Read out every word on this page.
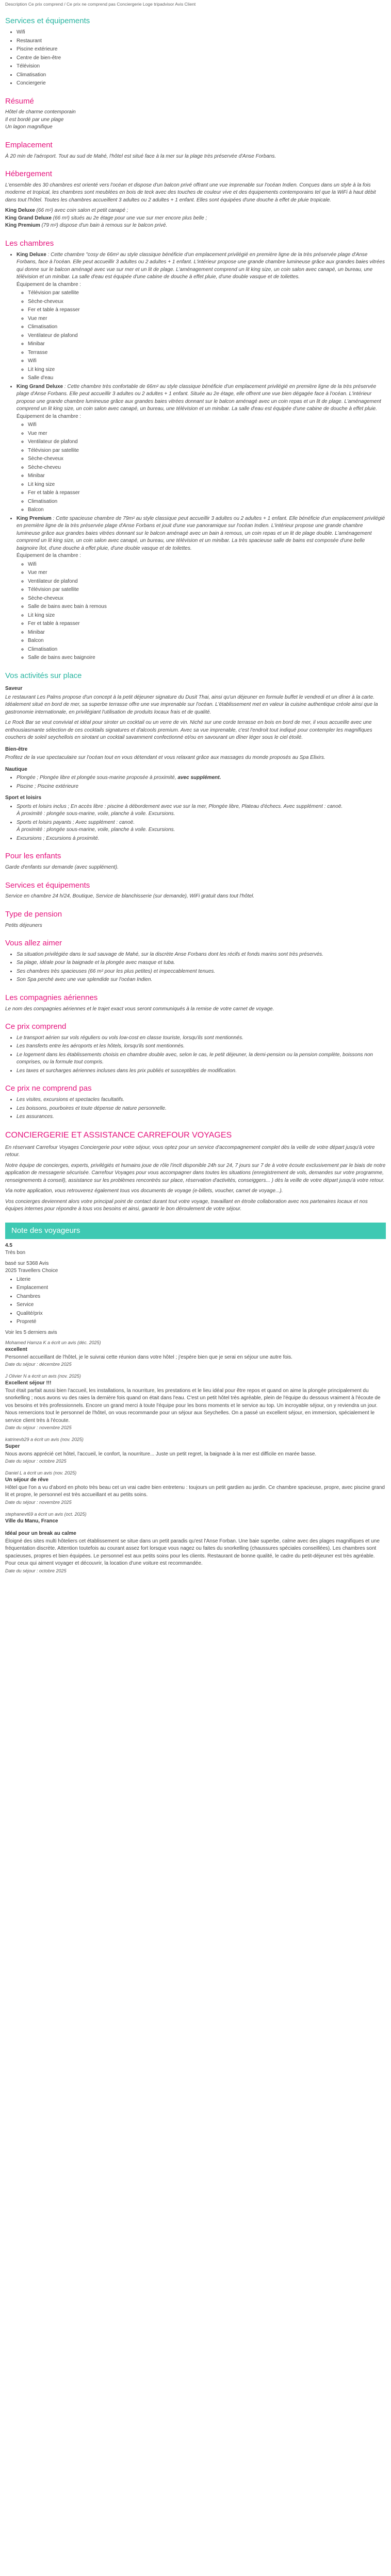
Description Ce prix comprend / Ce prix ne comprend pas Conciergerie Loge tripadvisor Avis Client
Services et équipements
• Wifi
• Restaurant
• Piscine extérieure
• Centre de bien-être
• Télévision
• Climatisation
• Conciergerie
Résumé
Hôtel de charme contemporain
Il est bordé par une plage
Un lagon magnifique
Emplacement

À 20 min de l'aéroport. Tout au sud de Mahé, l'hôtel est situé face à la mer sur la plage très préservée d'Anse Forbans.

Hébergement

L'ensemble des 30 chambres est orienté vers l'océan et dispose d'un balcon privé offrant une vue imprenable sur l'océan Indien. Conçues dans un style à la fois moderne et tropical, les chambres sont meublées en bois de teck avec des touches de couleur vive et des équipements contemporains tel que la WiFi à haut débit dans tout l'hôtel. Toutes les chambres accueillent 3 adultes ou 2 adultes + 1 enfant. Elles sont équipées d'une douche à effet de pluie tropicale.

King Deluxe (66 m²) avec coin salon et petit canapé ;
King Grand Deluxe (66 m²) situés au 2e étage pour une vue sur mer encore plus belle ;
King Premium (79 m²) dispose d'un bain à remous sur le balcon privé.
Les chambres
• King Deluxe : Cette chambre "cosy de 66m² au style classique bénéficie d'un emplacement privilégié en première ligne de la très préservée plage d'Anse Forbans, face à l'océan. Elle peut accueillir 3 adultes ou 2 adultes + 1 enfant. L'intérieur propose une grande chambre lumineuse grâce aux grandes baies vitrées qui donne sur le balcon aménagé avec vue sur mer et un lit de plage. L'aménagement comprend un lit king size, un coin salon avec canapé, un bureau, une télévision et un minibar. La salle d'eau est équipée d'une cabine de douche à effet pluie, d'une double vasque et de toilettes.
Équipement de la chambre :
◦ Télévision par satellite
◦ Sèche-cheveux
◦ Fer et table à repasser
◦ Vue mer
◦ Climatisation
◦ Ventilateur de plafond
◦ Minibar
◦ Terrasse
◦ Wifi
◦ Lit king size
◦ Salle d'eau
• King Grand Deluxe : Cette chambre très confortable de 66m² au style classique bénéficie d'un emplacement privilégié en première ligne de la très préservée plage d'Anse Forbans. Elle peut accueillir 3 adultes ou 2 adultes + 1 enfant. Située au 2e étage, elle offrent une vue bien dégagée face à l'océan. L'intérieur propose une grande chambre lumineuse grâce aux grandes baies vitrées donnant sur le balcon aménagé avec un coin repas et un lit de plage. L'aménagement comprend un lit king size, un coin salon avec canapé, un bureau, une télévision et un minibar. La salle d'eau est équipée d'une cabine de douche à effet pluie.
Équipement de la chambre :
◦ Wifi
◦ Vue mer
◦ Ventilateur de plafond
◦ Télévision par satellite
◦ Sèche-cheveux
◦ Sèche-cheveu
◦ Minibar
◦ Lit king size
◦ Fer et table à repasser
◦ Climatisation
◦ Balcon
• King Premium : Cette spacieuse chambre de 79m² au style classique peut accueillir 3 adultes ou 2 adultes + 1 enfant. Elle bénéficie d'un emplacement privilégié en première ligne de la très préservée plage d'Anse Forbans et jouit d'une vue panoramique sur l'océan Indien. L'intérieur propose une grande chambre lumineuse grâce aux grandes baies vitrées donnant sur le balcon aménagé avec un bain à remous, un coin repas et un lit de plage double. L'aménagement comprend un lit king size, un coin salon avec canapé, un bureau, une télévision et un minibar. La très spacieuse salle de bains est composée d'une belle baignoire îlot, d'une douche à effet pluie, d'une double vasque et de toilettes.
Équipement de la chambre :
◦ Wifi
◦ Vue mer
◦ Ventilateur de plafond
◦ Télévision par satellite
◦ Sèche-cheveux
◦ Salle de bains avec bain à remous
◦ Lit king size
◦ Fer et table à repasser
◦ Minibar
◦ Balcon
◦ Climatisation
◦ Salle de bains avec baignoire
Vos activités sur place
Saveur

Le restaurant Les Palms propose d'un concept à la petit déjeuner signature du Dusit Thai, ainsi qu'un déjeuner en formule buffet le vendredi et un dîner à la carte. Idéalement situé en bord de mer, sa superbe terrasse offre une vue imprenable sur l'océan. L'établissement met en valeur la cuisine authentique créole ainsi que la gastronomie internationale, en privilégiant l'utilisation de produits locaux frais et de qualité.

Le Rock Bar se veut convivial et idéal pour siroter un cocktail ou un verre de vin. Niché sur une corde terrasse en bois en bord de mer, il vous accueille avec une enthousiasmante sélection de ces cocktails signatures et d'alcools premium. Avec sa vue imprenable, c'est l'endroit tout indiqué pour contempler les magnifiques couchers de soleil seychellois en sirotant un cocktail savamment confectionné et/ou en savourant un dîner léger sous le ciel étoilé.

Bien-être

Profitez de la vue spectaculaire sur l'océan tout en vous détendant et vous relaxant grâce aux massages du monde proposés au Spa Elixirs.

Nautique
• Plongée ; Plongée libre et plongée sous-marine proposée à proximité, avec supplément.
• Piscine ; Piscine extérieure
Sport et loisirs
• Sports et loisirs inclus ; En accès libre : piscine à débordement avec vue sur la mer, Plongée libre, Plateau d'échecs. Avec supplément : canoë.
À proximité : plongée sous-marine, voile, planche à voile. Excursions.
• Sports et loisirs payants ; Avec supplément : canoë.
À proximité : plongée sous-marine, voile, planche à voile. Excursions.
• Excursions ; Excursions à proximité.
Pour les enfants

Garde d'enfants sur demande (avec supplément).

Services et équipements

Service en chambre 24 h/24, Boutique, Service de blanchisserie (sur demande), WiFi gratuit dans tout l'hôtel.

Type de pension

Petits déjeuners

Vous allez aimer
• Sa situation privilégiée dans le sud sauvage de Mahé, sur la discrète Anse Forbans dont les récifs et fonds marins sont très préservés.
• Sa plage, idéale pour la baignade et la plongée avec masque et tuba.
• Ses chambres très spacieuses (66 m² pour les plus petites) et impeccablement tenues.
• Son Spa perché avec une vue splendide sur l'océan Indien.
Les compagnies aériennes

Le nom des compagnies aériennes et le trajet exact vous seront communiqués à la remise de votre carnet de voyage.

Ce prix comprend
• Le transport aérien sur vols réguliers ou vols low-cost en classe touriste, lorsqu'ils sont mentionnés.
• Les transferts entre les aéroports et les hôtels, lorsqu'ils sont mentionnés.
• Le logement dans les établissements choisis en chambre double avec, selon le cas, le petit déjeuner, la demi-pension ou la pension complète, boissons non comprises, ou la formule tout compris.
• Les taxes et surcharges aériennes incluses dans les prix publiés et susceptibles de modification.
Ce prix ne comprend pas
• Les visites, excursions et spectacles facultatifs.
• Les boissons, pourboires et toute dépense de nature personnelle.
• Les assurances.
CONCIERGERIE ET ASSISTANCE CARREFOUR VOYAGES

En réservant Carrefour Voyages Conciergerie pour votre séjour, vous optez pour un service d'accompagnement complet dès la veille de votre départ jusqu'à votre retour.

Notre équipe de concierges, experts, privilégiés et humains joue de rôle l'inclt disponible 24h sur 24, 7 jours sur 7 de à votre écoute exclusivement par le biais de notre application de messagerie sécurisée. Carrefour Voyages pour vous accompagner dans toutes les situations (enregistrement de vols, demandes sur votre programme, renseignements à conseil), assistance sur les problèmes rencontrés sur place, réservation d'activités, conseiggers... ) dès la veille de votre départ jusqu'à votre retour.

Via notre application, vous retrouverez également tous vos documents de voyage (e-billets, voucher, carnet de voyage...).

Vos concierges deviennent alors votre principal point de contact durant tout votre voyage, travaillant en étroite collaboration avec nos partenaires locaux et nos équipes internes pour répondre à tous vos besoins et ainsi, garantir le bon déroulement de votre séjour.

Note des voyageurs
4.5
Très bon
basé sur 5368 Avis
2025 Travellers Choice
• Literie
• Emplacement
• Chambres
• Service
• Qualité/prix
• Propreté

Voir les 5 derniers avis

Mohamed Hamza K a écrit un avis (déc. 2025)
excellent
Personnel accueillant de l'hôtel, je le suivrai cette réunion dans votre hôtel ; j'espère bien que je serai en séjour une autre fois.
Date du séjour : décembre 2025
J Olivier N a écrit un avis (nov. 2025)
Excellent séjour !!!
Tout était parfait aussi bien l'accueil, les installations, la nourriture, les prestations et le lieu idéal pour être repos et quand on aime la plongée principalement du snorkelling ; nous avons vu des raies la dernière fois quand on était dans l'eau. C'est un petit hôtel très agréable, plein de l'équipe du dessous vraiment à l'écoute de vos besoins et très professionnels. Encore un grand merci à toute l'équipe pour les bons moments et le service au top. Un incroyable séjour, on y reviendra un jour. Nous remercions tout le personnel de l'hôtel, on vous recommande pour un séjour aux Seychelles. On a passé un excellent séjour, en immersion, spécialement le service client très à l'écoute.
Date du séjour : novembre 2025
katrinevb29 a écrit un avis (nov. 2025)
Super
Nous avons apprécié cet hôtel, l'accueil, le confort, la nourriture... Juste un petit regret, la baignade à la mer est difficile en marée basse.
Date du séjour : octobre 2025
Daniel L a écrit un avis (nov. 2025)
Un séjour de rêve
Hôtel que l'on a vu d'abord en photo très beau cet un vrai cadre bien entretenu : toujours un petit gardien au jardin. Ce chambre spacieuse, propre, avec piscine grand lit et propre, le personnel est très accueillant et au petits soins.
Date du séjour : novembre 2025
stephanevt69 a écrit un avis (oct. 2025)
Ville du Manu, France
Idéal pour un break au calme
Éloigné des sites multi hôteliers cet établissement se situe dans un petit paradis qu'est l'Anse Forban. Une baie superbe, calme avec des plages magnifiques et une fréquentation discrète. Attention toutefois au courant assez fort lorsque vous nagez ou faites du snorkelling (chaussures spéciales conseillées). Les chambres sont spacieuses, propres et bien équipées. Le personnel est aux petits soins pour les clients. Restaurant de bonne qualité, le cadre du petit-déjeuner est très agréable. Pour ceux qui aiment voyager et découvrir, la location d'une voiture est recommandée.
Date du séjour : octobre 2025
